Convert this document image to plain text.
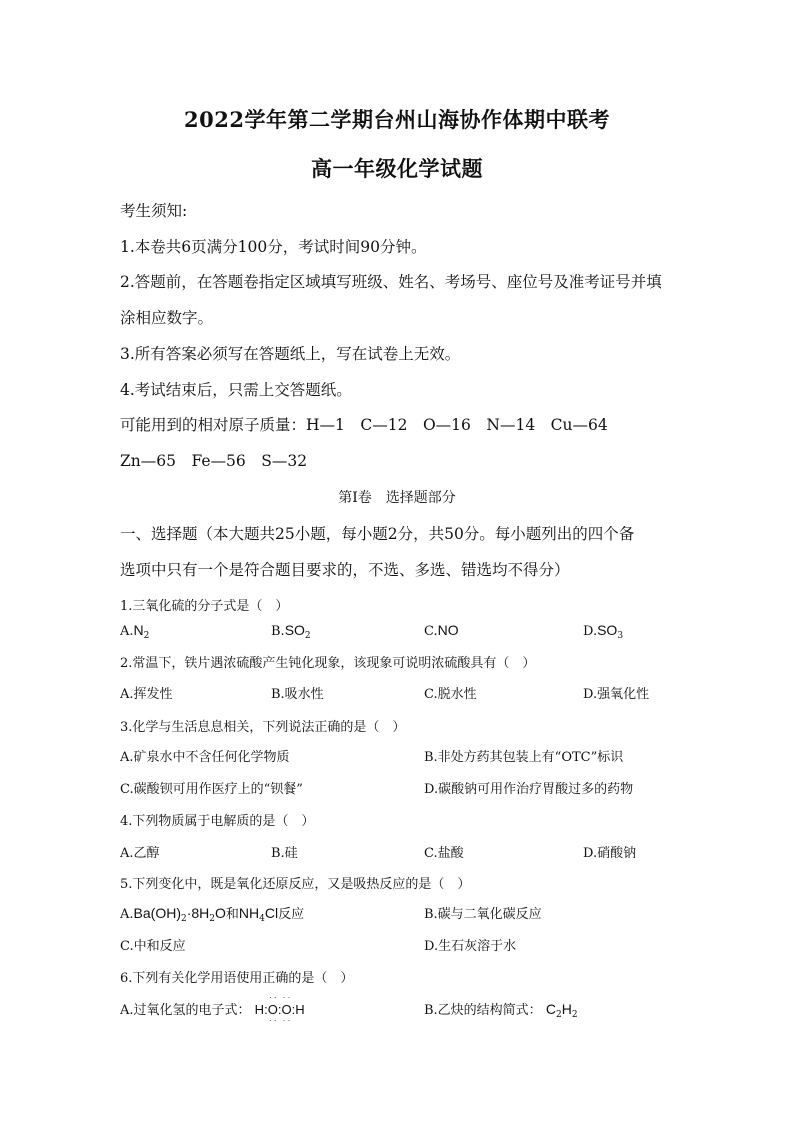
2022学年第二学期台州山海协作体期中联考
高一年级化学试题
考生须知:
1.本卷共6页满分100分，考试时间90分钟。
2.答题前，在答题卷指定区域填写班级、姓名、考场号、座位号及准考证号并填
涂相应数字。
3.所有答案必须写在答题纸上，写在试卷上无效。
4.考试结束后，只需上交答题纸。
可能用到的相对原子质量：H—1　C—12　O—16　N—14　Cu—64
Zn—65　Fe—56　S—32
第Ⅰ卷　选择题部分
一、选择题（本大题共25小题，每小题2分，共50分。每小题列出的四个备
选项中只有一个是符合题目要求的，不选、多选、错选均不得分）
1.三氧化硫的分子式是（　）
$A.N_2$	$B.SO_2$	C.NO	$D.SO_3$
2.常温下，铁片遇浓硫酸产生钝化现象，该现象可说明浓硫酸具有（　）
A.挥发性	B.吸水性	C.脱水性	D.强氧化性
3.化学与生活息息相关，下列说法正确的是（　）
A.矿泉水中不含任何化学物质	B.非处方药其包装上有“OTC”标识
C.碳酸钡可用作医疗上的“钡餐”	D.碳酸钠可用作治疗胃酸过多的药物
4.下列物质属于电解质的是（　）
A.乙醇	B.硅	C.盐酸	D.硝酸钠
5.下列变化中，既是氧化还原反应，又是吸热反应的是（　）
$A.Ba(OH)_2\cdot 8H_2O$和$NH_4Cl$反应	B.碳与二氧化碳反应
C.中和反应	D.生石灰溶于水
6.下列有关化学用语使用正确的是（　）
A.过氧化氢的电子式： H:
· ·
O
· ·
:
· ·
O
· ·
:H	B.乙炔的结构简式： $C_2H_2$
